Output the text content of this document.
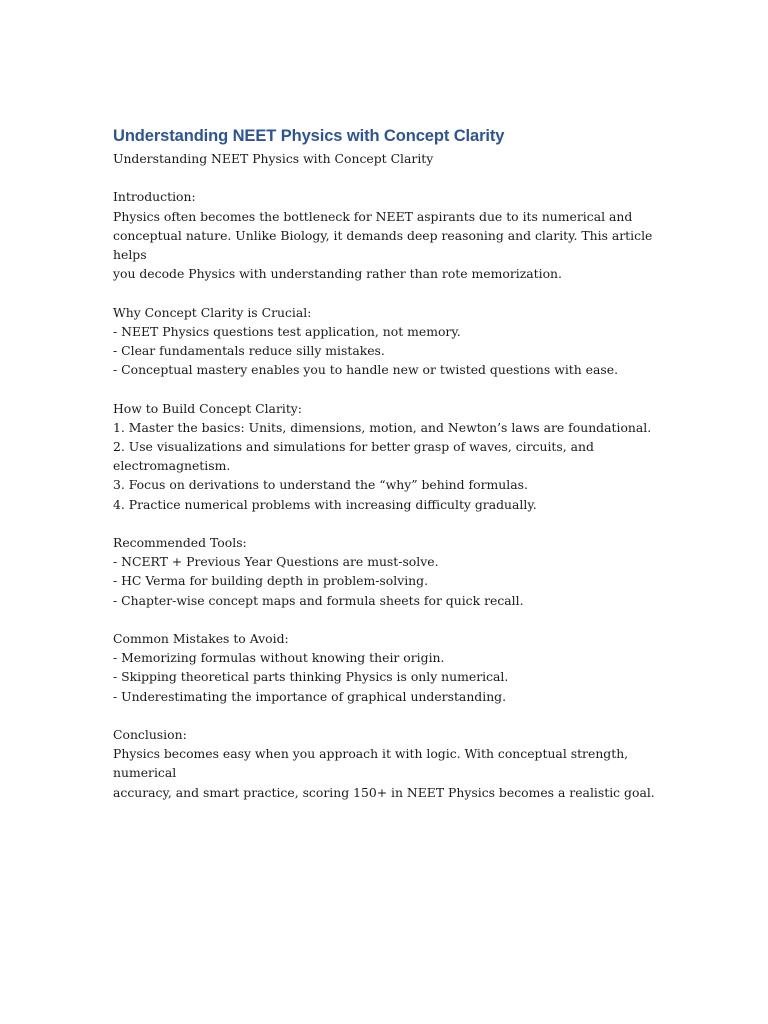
Understanding NEET Physics with Concept Clarity

Understanding NEET Physics with Concept Clarity

Introduction:

Physics often becomes the bottleneck for NEET aspirants due to its numerical and

conceptual nature. Unlike Biology, it demands deep reasoning and clarity. This article helps

you decode Physics with understanding rather than rote memorization.

Why Concept Clarity is Crucial:

- NEET Physics questions test application, not memory.

- Clear fundamentals reduce silly mistakes.

- Conceptual mastery enables you to handle new or twisted questions with ease.

How to Build Concept Clarity:

1. Master the basics: Units, dimensions, motion, and Newton’s laws are foundational.

2. Use visualizations and simulations for better grasp of waves, circuits, and

electromagnetism.

3. Focus on derivations to understand the “why” behind formulas.

4. Practice numerical problems with increasing difficulty gradually.

Recommended Tools:

- NCERT + Previous Year Questions are must-solve.

- HC Verma for building depth in problem-solving.

- Chapter-wise concept maps and formula sheets for quick recall.

Common Mistakes to Avoid:

- Memorizing formulas without knowing their origin.

- Skipping theoretical parts thinking Physics is only numerical.

- Underestimating the importance of graphical understanding.

Conclusion:

Physics becomes easy when you approach it with logic. With conceptual strength, numerical

accuracy, and smart practice, scoring 150+ in NEET Physics becomes a realistic goal.
